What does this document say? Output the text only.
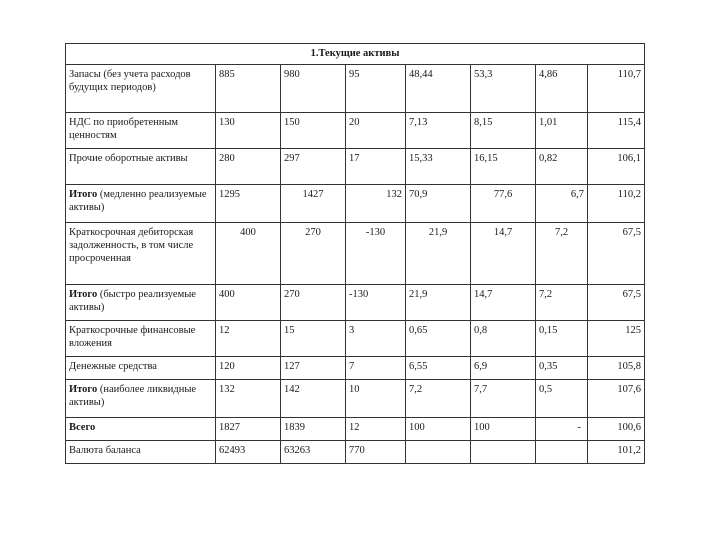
1.Текущие активы							
Запасы (без учета расходов будущих периодов)	885	980	95	48,44	53,3	4,86	110,7
НДС по приобретенным ценностям	130	150	20	7,13	8,15	1,01	115,4
Прочие оборотные активы	280	297	17	15,33	16,15	0,82	106,1
Итого (медленно реализуемые активы)	1295	1427	132	70,9	77,6	6,7	110,2
Краткосрочная дебиторская задолженность, в том числе просроченная	400	270	-130	21,9	14,7	7,2	67,5
Итого (быстро реализуемые активы)	400	270	-130	21,9	14,7	7,2	67,5
Краткосрочные финансовые вложения	12	15	3	0,65	0,8	0,15	125
Денежные средства	120	127	7	6,55	6,9	0,35	105,8
Итого (наиболее ликвидные активы)	132	142	10	7,2	7,7	0,5	107,6
Всего	1827	1839	12	100	100	-	100,6
Валюта баланса	62493	63263	770				101,2
